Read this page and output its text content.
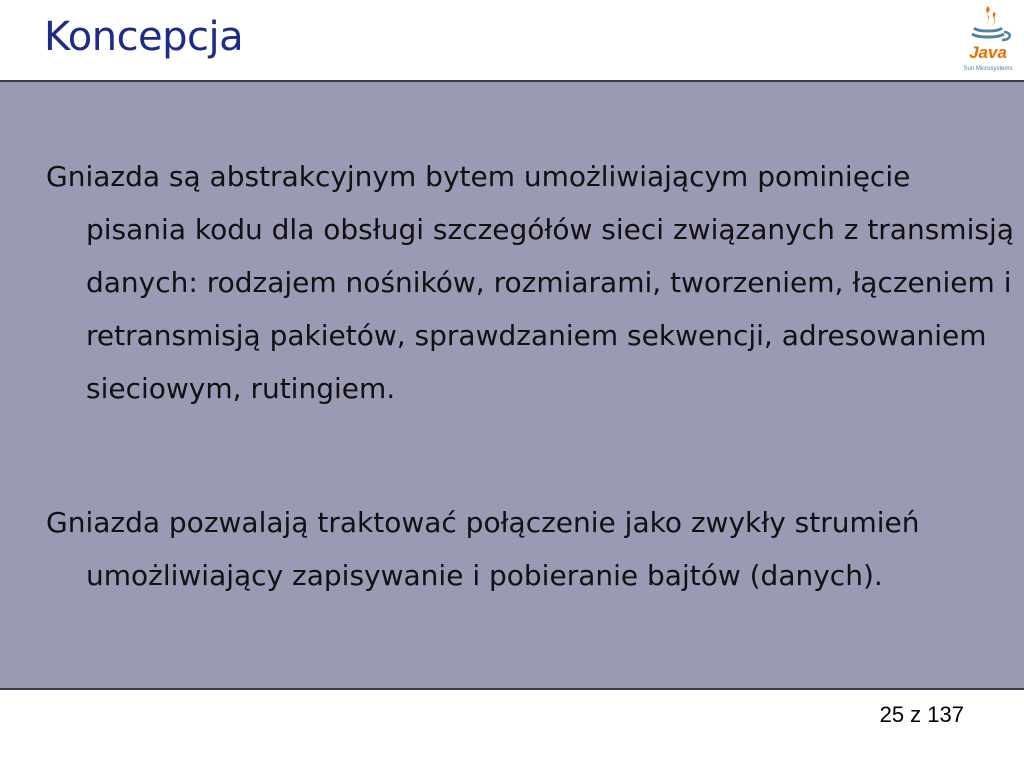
Koncepcja	Java
Sun Microsystems

Gniazda są abstrakcyjnym bytem umożliwiającym pominięcie pisania kodu dla obsługi szczegółów sieci związanych z transmisją danych: rodzajem nośników, rozmiarami, tworzeniem, łączeniem i retransmisją pakietów, sprawdzaniem sekwencji, adresowaniem sieciowym, rutingiem.

Gniazda pozwalają traktować połączenie jako zwykły strumień umożliwiający zapisywanie i pobieranie bajtów (danych).

25 z 137
